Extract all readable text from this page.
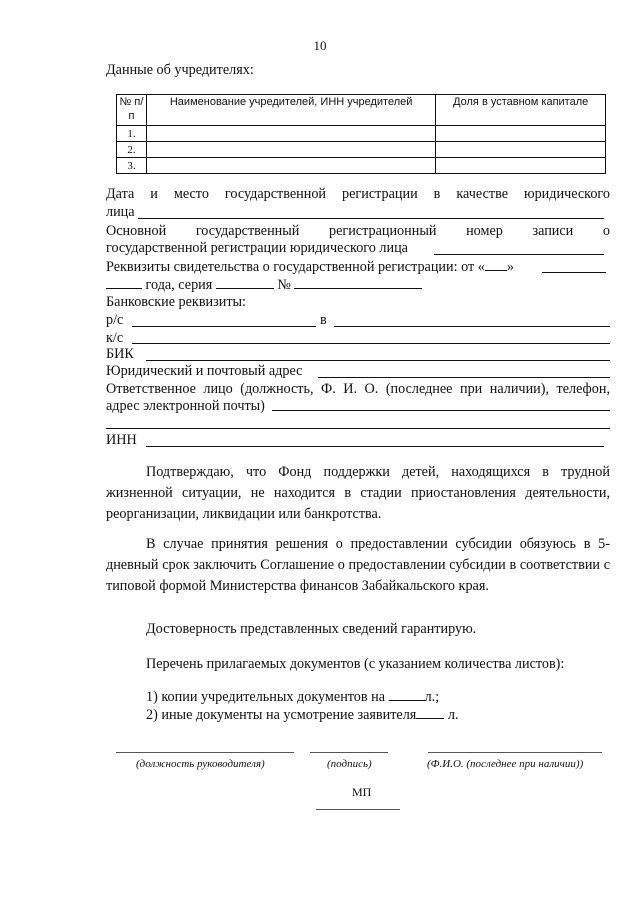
10
Данные об учредителях:
№ п/п	Наименование учредителей, ИНН учредителей	Доля в уставном капитале
1.		
2.		
3.		
Дата и место государственной регистрации в качестве юридического
лица
Основной государственный регистрационный номер записи о
государственной регистрации юридического лица
Реквизиты свидетельства о государственной регистрации: от « »
года, серия	№
Банковские реквизиты:
р/с	в
к/с
БИК
Юридический и почтовый адрес
Ответственное лицо (должность, Ф. И. О. (последнее при наличии), телефон,
адрес электронной почты)
ИНН
Подтверждаю, что Фонд поддержки детей, находящихся в трудной жизненной ситуации, не находится в стадии приостановления деятельности, реорганизации, ликвидации или банкротства.
В случае принятия решения о предоставлении субсидии обязуюсь в 5-дневный срок заключить Соглашение о предоставлении субсидии в соответствии с типовой формой Министерства финансов Забайкальского края.
Достоверность представленных сведений гарантирую.
Перечень прилагаемых документов (с указанием количества листов):
1) копии учредительных документов на	л.;
2) иные документы на усмотрение заявителя л.
(должность руководителя)	(подпись)	(Ф.И.О. (последнее при наличии))
МП
